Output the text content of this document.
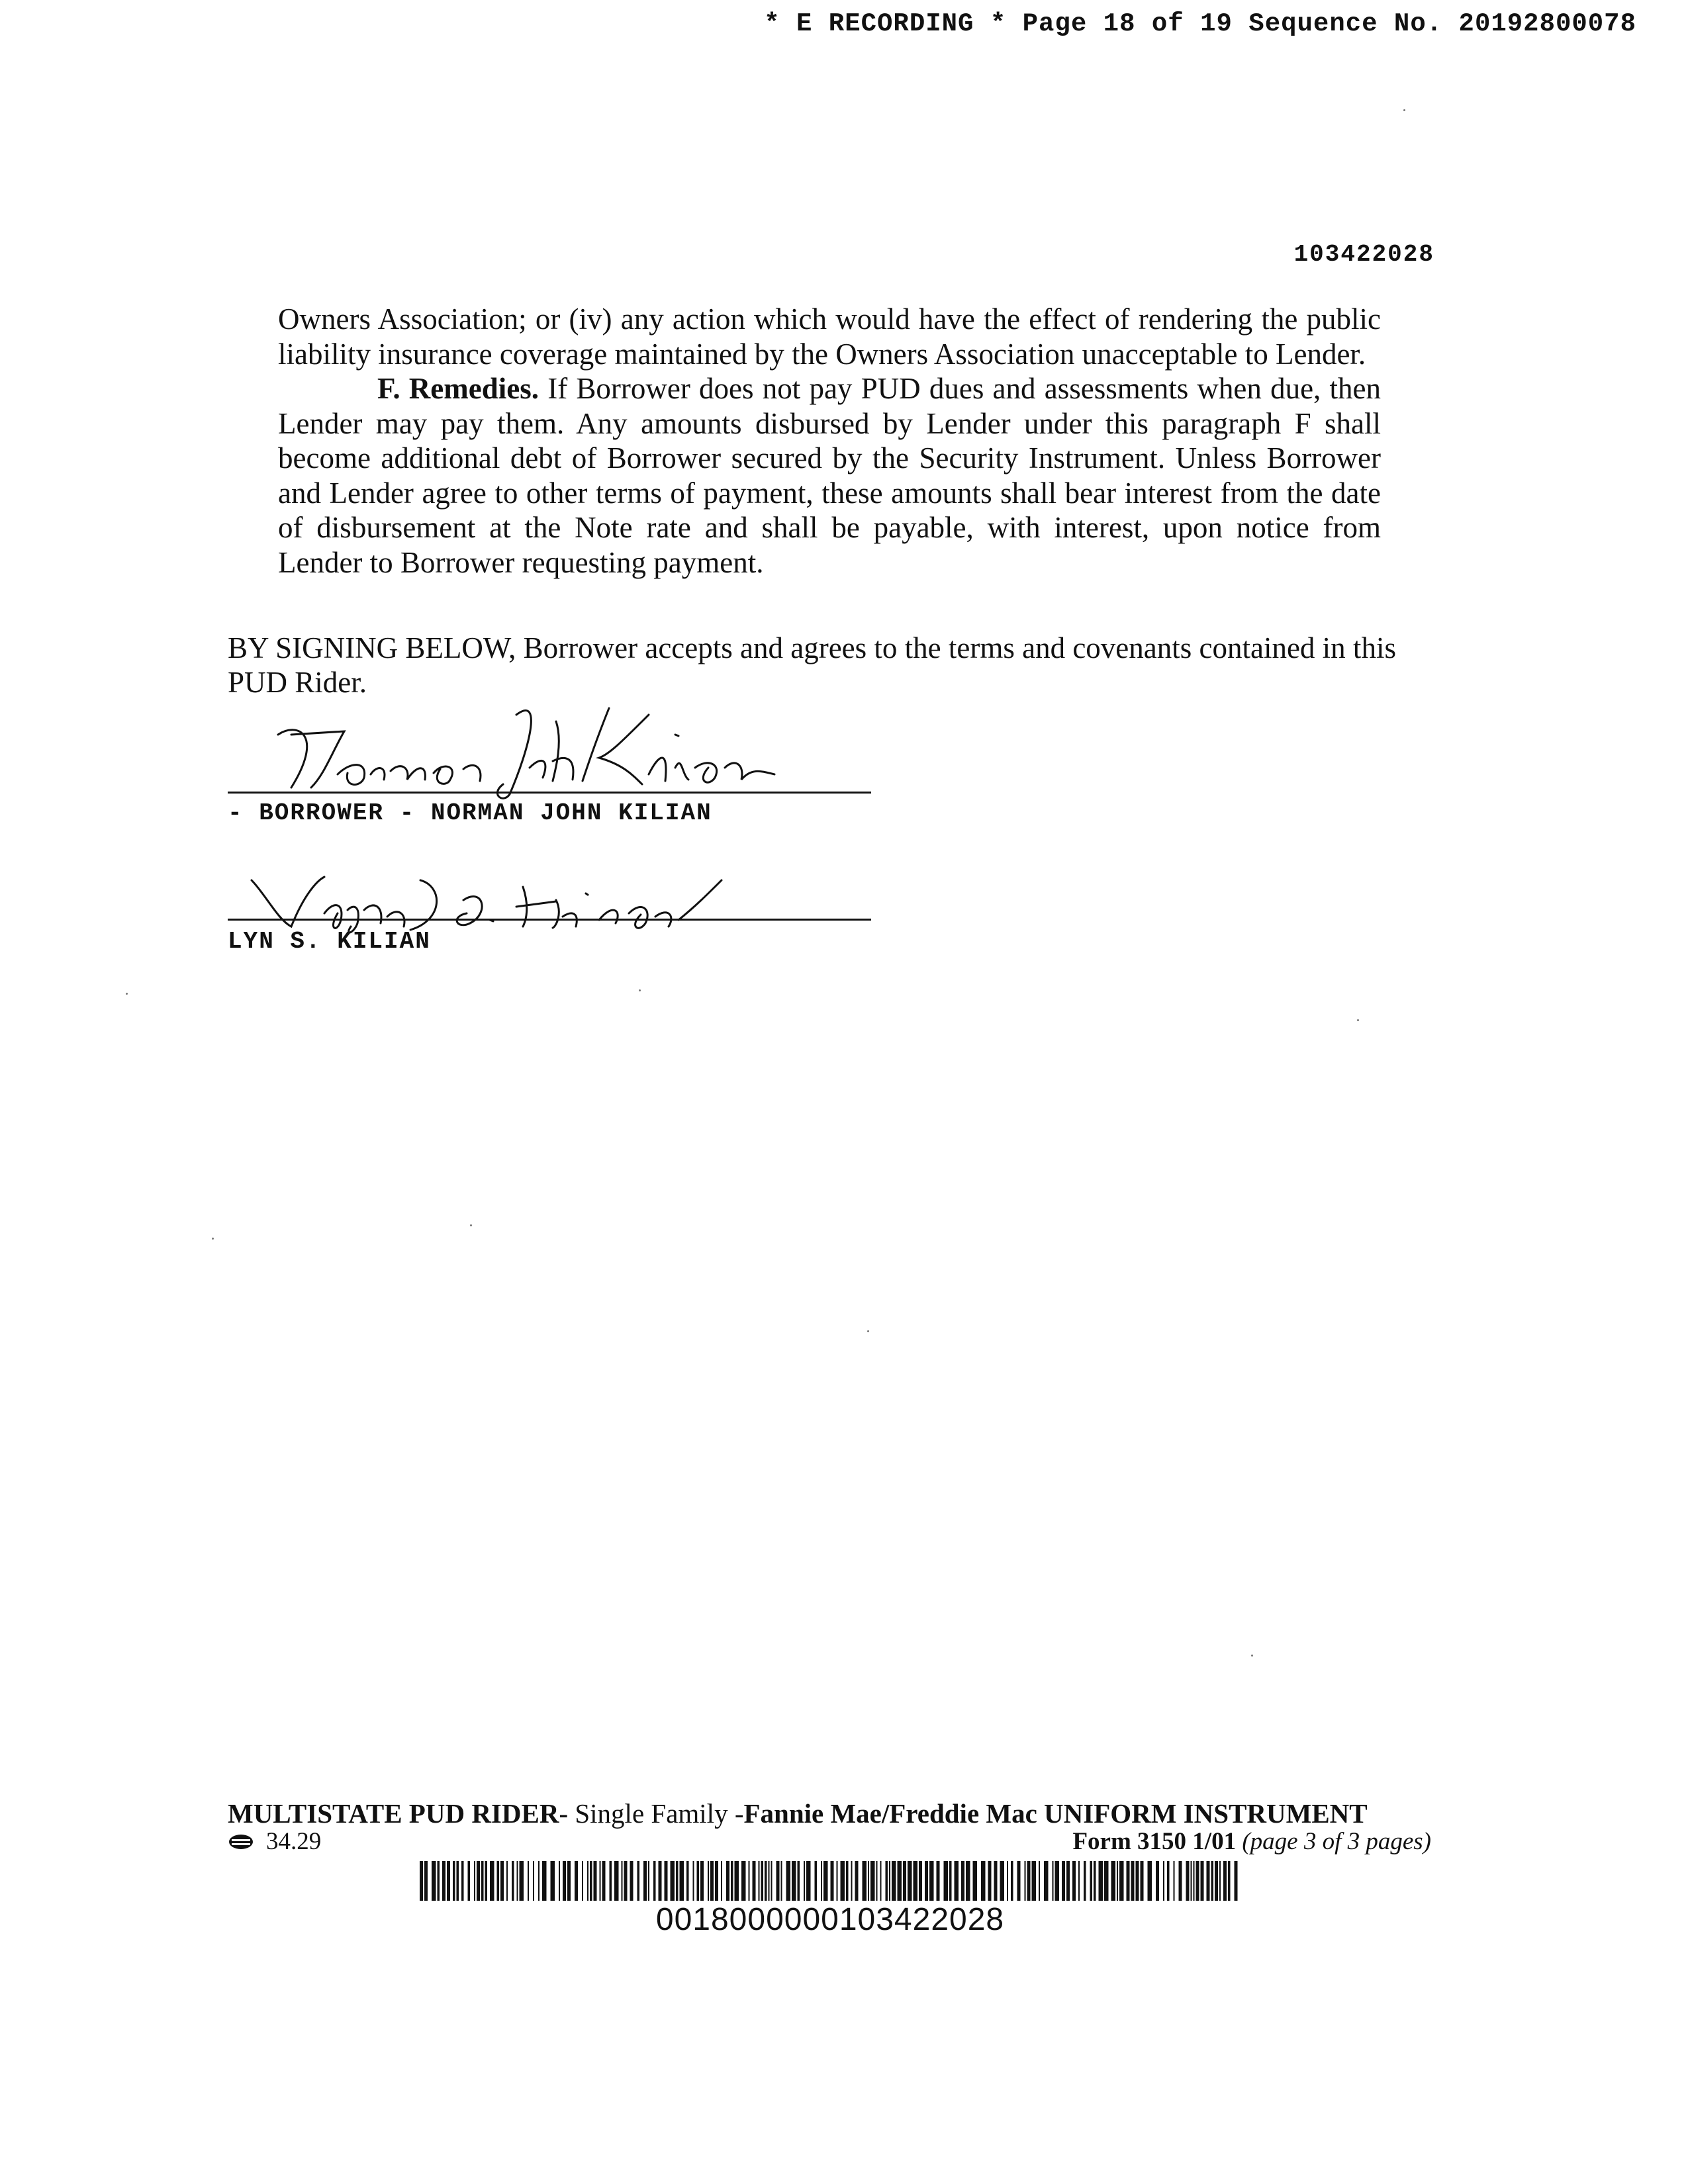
* E RECORDING * Page 18 of 19 Sequence No. 20192800078
103422028

Owners Association; or (iv) any action which would have the effect of rendering the public liability insurance coverage maintained by the Owners Association unacceptable to Lender.

F. Remedies. If Borrower does not pay PUD dues and assessments when due, then Lender may pay them. Any amounts disbursed by Lender under this paragraph F shall become additional debt of Borrower secured by the Security Instrument. Unless Borrower and Lender agree to other terms of payment, these amounts shall bear interest from the date of disbursement at the Note rate and shall be payable, with interest, upon notice from Lender to Borrower requesting payment.

BY SIGNING BELOW, Borrower accepts and agrees to the terms and covenants contained in this PUD Rider.
- BORROWER - NORMAN JOHN KILIAN
LYN S. KILIAN
MULTISTATE PUD RIDER- Single Family -Fannie Mae/Freddie Mac UNIFORM INSTRUMENT
34.29	Form 3150 1/01 (page 3 of 3 pages)
0018000000103422028
